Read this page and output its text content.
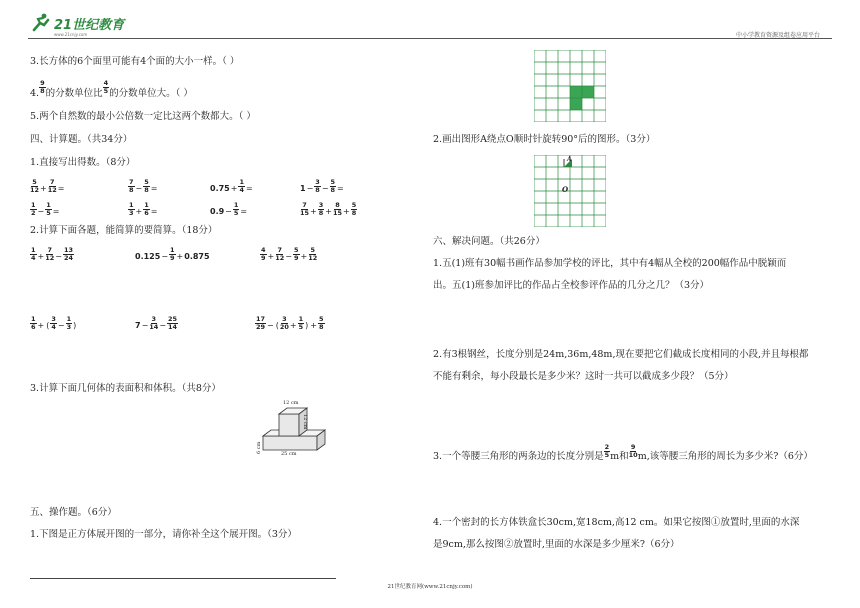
21世纪教育
www.21cnjy.com	中小学教育资源及组卷应用平台
3.长方体的6个面里可能有4个面的大小一样。（ ）
4. $\frac{9}{8}$ 的分数单位比 $\frac{4}{5}$ 的分数单位大。（ ）
5.两个自然数的最小公倍数一定比这两个数都大。（ ）
四、计算题。（共34分）
1.直接写出得数。（8分）
$\frac{5}{12} + \frac{7}{12}$ =	$\frac{7}{8} - \frac{5}{8}$ =	$0.75+ \frac{1}{4}$ =	$1- \frac{3}{8} - \frac{5}{8}$ =
$\frac{1}{2} - \frac{1}{5}$ =	$\frac{1}{3} + \frac{1}{6}$ =	$0.9- \frac{1}{5}$ =	$\frac{7}{15} + \frac{3}{8} + \frac{8}{15} + \frac{5}{8}$
2.计算下面各题，能简算的要简算。（18分）
$\frac{1}{4} + \frac{7}{12} - \frac{13}{24}$	$0.125- \frac{1}{9} +0.875$	$\frac{4}{9} + \frac{7}{12} - \frac{5}{9} + \frac{5}{12}$
$\frac{1}{6}$ + ( $\frac{3}{4} - \frac{1}{3}$ )	$7- \frac{3}{14} - \frac{25}{14}$	$\frac{17}{29}$ − ( $\frac{3}{20} + \frac{1}{5}$ ) + $\frac{5}{8}$
3.计算下面几何体的表面积和体积。（共8分）
12 cm
12 cm
6 cm	25 cm
五、操作题。（6分）
1.下图是正方体展开图的一部分，请你补全这个展开图。（3分）
2.画出图形A绕点O顺时针旋转90°后的图形。（3分）
A
O
六、解决问题。（共26分）
1.五(1)班有30幅书画作品参加学校的评比，其中有4幅从全校的200幅作品中脱颖而
出。五(1)班参加评比的作品占全校参评作品的几分之几？（3分）
2.有3根钢丝，长度分别是24m,36m,48m,现在要把它们截成长度相同的小段,并且每根都
不能有剩余，每小段最长是多少米？这时一共可以截成多少段？（5分）
3.一个等腰三角形的两条边的长度分别是 $\frac{2}{5}$ m和 $\frac{9}{10} m$,该等腰三角形的周长为多少米?（6分）
4.一个密封的长方体铁盒长30cm,宽18cm,高12 cm。如果它按图①放置时,里面的水深
是9cm,那么按图②放置时,里面的水深是多少厘米?（6分）
21世纪教育网(www.21cnjy.com)
